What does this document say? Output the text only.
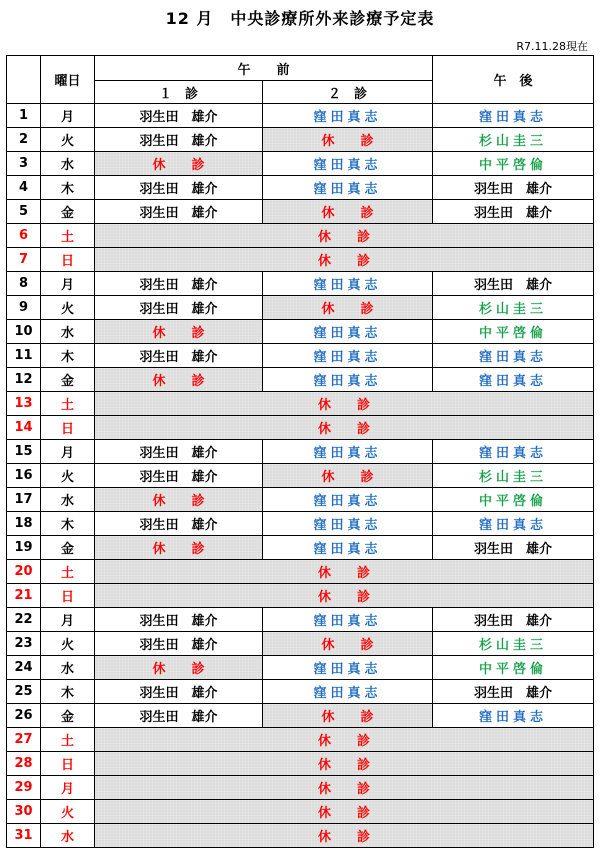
12 月　中央診療所外来診療予定表
R7.11.28現在
	曜日	午　　前		午　後
		１　診	２　診	
1	月	羽生田　雄介	窪田真志	窪田真志
2	火	羽生田　雄介	休　　診	杉山圭三
3	水	休　　診	窪田真志	中平啓倫
4	木	羽生田　雄介	窪田真志	羽生田　雄介
5	金	羽生田　雄介	休　　診	羽生田　雄介
6	土	休　　診		
7	日	休　　診		
8	月	羽生田　雄介	窪田真志	羽生田　雄介
9	火	羽生田　雄介	休　　診	杉山圭三
10	水	休　　診	窪田真志	中平啓倫
11	木	羽生田　雄介	窪田真志	窪田真志
12	金	休　　診	窪田真志	窪田真志
13	土	休　　診		
14	日	休　　診		
15	月	羽生田　雄介	窪田真志	窪田真志
16	火	羽生田　雄介	休　　診	杉山圭三
17	水	休　　診	窪田真志	中平啓倫
18	木	羽生田　雄介	窪田真志	窪田真志
19	金	休　　診	窪田真志	羽生田　雄介
20	土	休　　診		
21	日	休　　診		
22	月	羽生田　雄介	窪田真志	羽生田　雄介
23	火	羽生田　雄介	休　　診	杉山圭三
24	水	休　　診	窪田真志	中平啓倫
25	木	羽生田　雄介	窪田真志	羽生田　雄介
26	金	羽生田　雄介	休　　診	窪田真志
27	土	休　　診		
28	日	休　　診		
29	月	休　　診		
30	火	休　　診		
31	水	休　　診		
